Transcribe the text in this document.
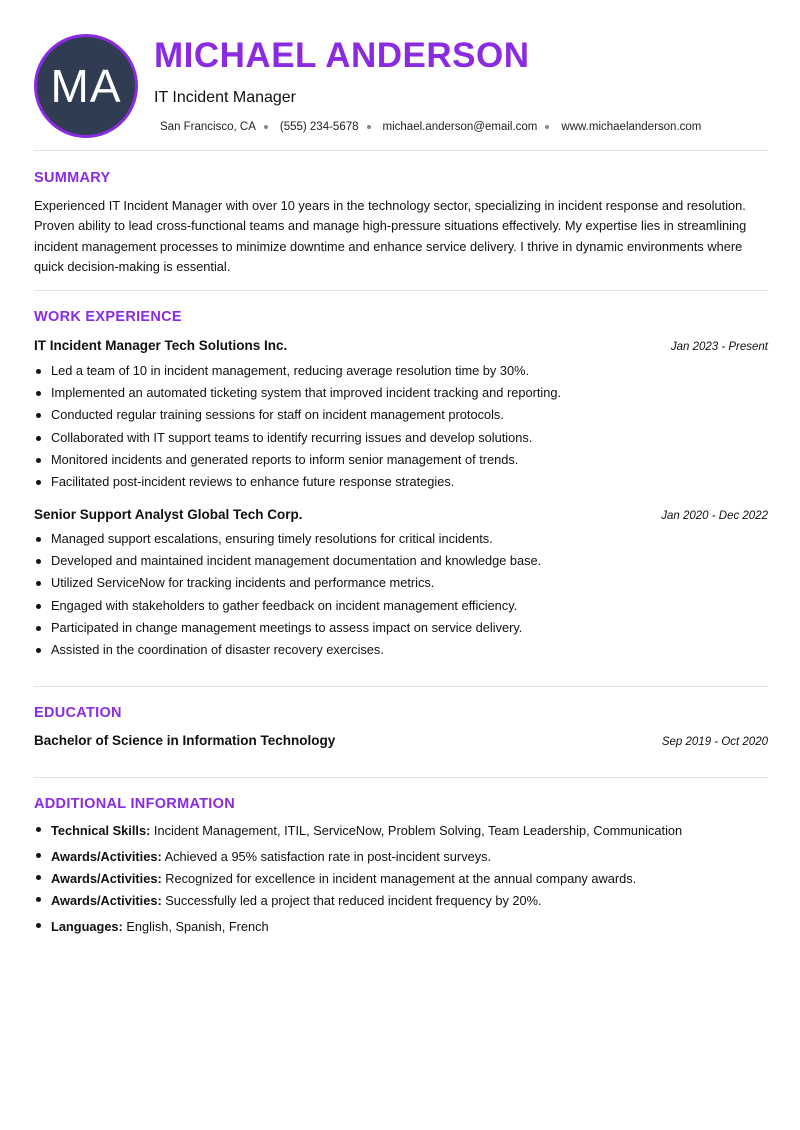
MA
MICHAEL ANDERSON
IT Incident Manager
San Francisco, CA (555) 234-5678 michael.anderson@email.com www.michaelanderson.com
SUMMARY
Experienced IT Incident Manager with over 10 years in the technology sector, specializing in incident response and resolution. Proven ability to lead cross-functional teams and manage high-pressure situations effectively. My expertise lies in streamlining incident management processes to minimize downtime and enhance service delivery. I thrive in dynamic environments where quick decision-making is essential.
WORK EXPERIENCE
IT Incident Manager Tech Solutions Inc.	Jan 2023 - Present
Led a team of 10 in incident management, reducing average resolution time by 30%.
Implemented an automated ticketing system that improved incident tracking and reporting.
Conducted regular training sessions for staff on incident management protocols.
Collaborated with IT support teams to identify recurring issues and develop solutions.
Monitored incidents and generated reports to inform senior management of trends.
Facilitated post-incident reviews to enhance future response strategies.
Senior Support Analyst Global Tech Corp.	Jan 2020 - Dec 2022
Managed support escalations, ensuring timely resolutions for critical incidents.
Developed and maintained incident management documentation and knowledge base.
Utilized ServiceNow for tracking incidents and performance metrics.
Engaged with stakeholders to gather feedback on incident management efficiency.
Participated in change management meetings to assess impact on service delivery.
Assisted in the coordination of disaster recovery exercises.
EDUCATION
Bachelor of Science in Information Technology	Sep 2019 - Oct 2020
ADDITIONAL INFORMATION
Technical Skills: Incident Management, ITIL, ServiceNow, Problem Solving, Team Leadership, Communication
Awards/Activities: Achieved a 95% satisfaction rate in post-incident surveys.
Awards/Activities: Recognized for excellence in incident management at the annual company awards.
Awards/Activities: Successfully led a project that reduced incident frequency by 20%.
Languages: English, Spanish, French
